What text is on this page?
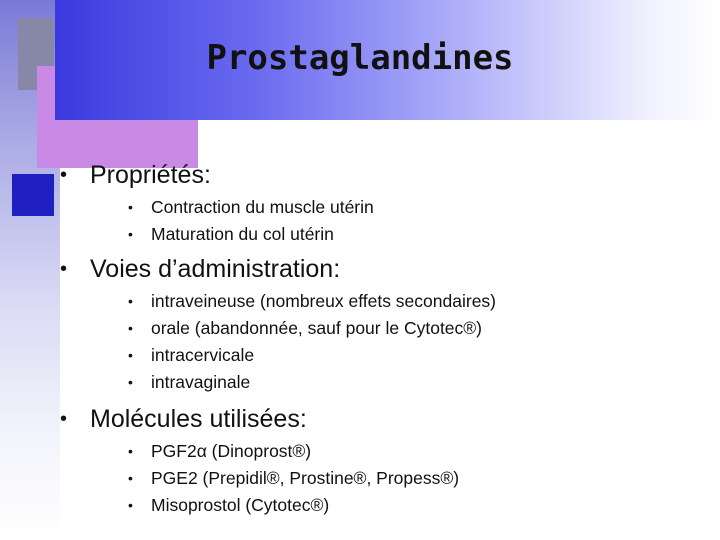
Prostaglandines
• Propriétés:
• Contraction du muscle utérin
• Maturation du col utérin
• Voies d’administration:
• intraveineuse (nombreux effets secondaires)
• orale (abandonnée, sauf pour le Cytotec®)
• intracervicale
• intravaginale
• Molécules utilisées:
• PGF2α (Dinoprost®)
• PGE2 (Prepidil®, Prostine®, Propess®)
• Misoprostol (Cytotec®)
